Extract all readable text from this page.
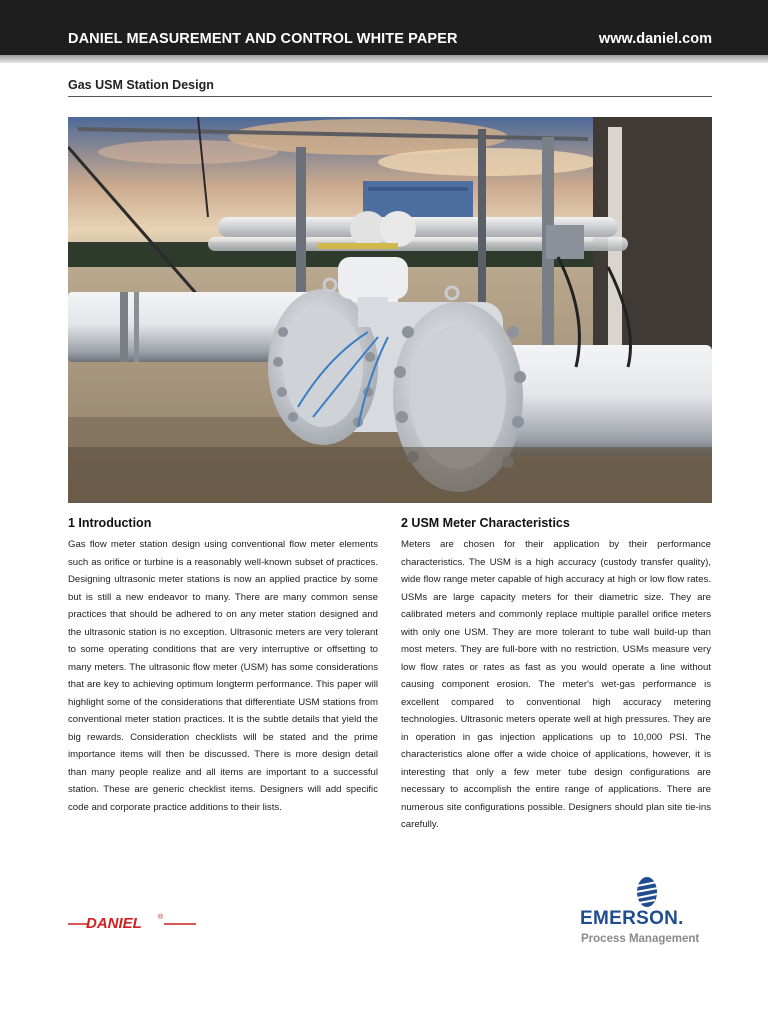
DANIEL MEASUREMENT AND CONTROL WHITE PAPER	www.daniel.com
Gas USM Station Design
1 Introduction

Gas flow meter station design using conventional flow meter elements such as orifice or turbine is a reasonably well-known subset of practices. Designing ultrasonic meter stations is now an applied practice by some but is still a new endeavor to many. There are many common sense practices that should be adhered to on any meter station designed and the ultrasonic station is no exception. Ultrasonic meters are very tolerant to some operating conditions that are very interruptive or offsetting to many meters. The ultrasonic flow meter (USM) has some considerations that are key to achieving optimum longterm performance. This paper will highlight some of the considerations that differentiate USM stations from conventional meter station practices. It is the subtle details that yield the big rewards. Consideration checklists will be stated and the prime importance items will then be discussed. There is more design detail than many people realize and all items are important to a successful station. These are generic checklist items. Designers will add specific code and corporate practice additions to their lists.

2 USM Meter Characteristics

Meters are chosen for their application by their performance characteristics. The USM is a high accuracy (custody transfer quality), wide flow range meter capable of high accuracy at high or low flow rates. USMs are large capacity meters for their diametric size. They are calibrated meters and commonly replace multiple parallel orifice meters with only one USM. They are more tolerant to tube wall build-up than most meters. They are full-bore with no restriction. USMs measure very low flow rates or rates as fast as you would operate a line without causing component erosion. The meter's wet-gas performance is excellent compared to conventional high accuracy metering technologies. Ultrasonic meters operate well at high pressures. They are in operation in gas injection applications up to 10,000 PSI. The characteristics alone offer a wide choice of applications, however, it is interesting that only a few meter tube design configurations are necessary to accomplish the entire range of applications. There are numerous site configurations possible. Designers should plan site tie-ins carefully.

DANIEL ®	EMERSON.
Process Management
